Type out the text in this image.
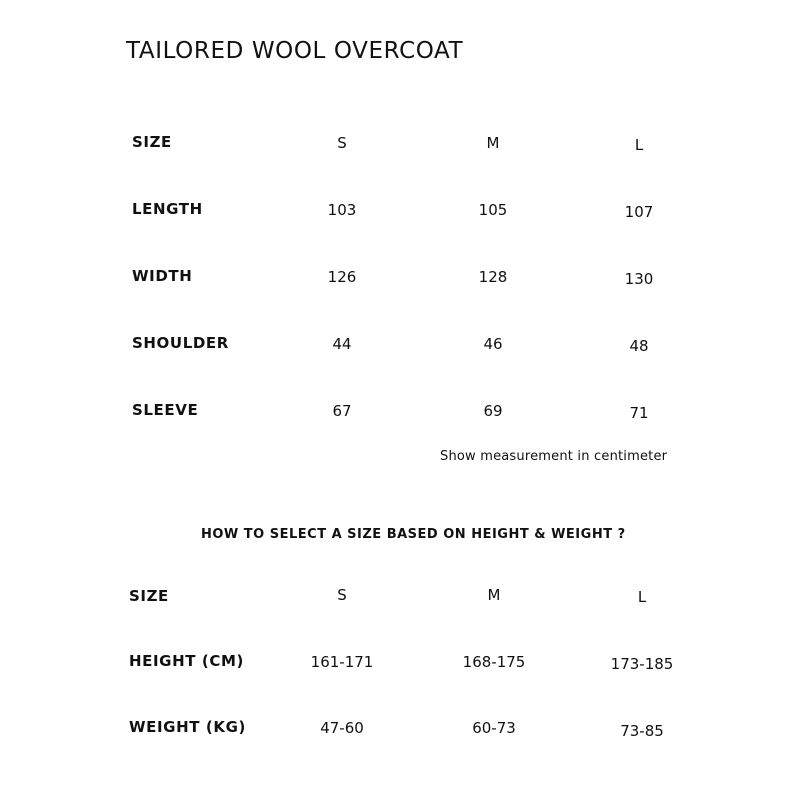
TAILORED WOOL OVERCOAT
SIZE	S	M	L
LENGTH	103	105	107
WIDTH	126	128	130
SHOULDER	44	46	48
SLEEVE	67	69	71
Show measurement in centimeter
HOW TO SELECT A SIZE BASED ON HEIGHT & WEIGHT ?
SIZE	S	M	L
HEIGHT (CM)	161-171	168-175	173-185
WEIGHT (KG)	47-60	60-73	73-85
